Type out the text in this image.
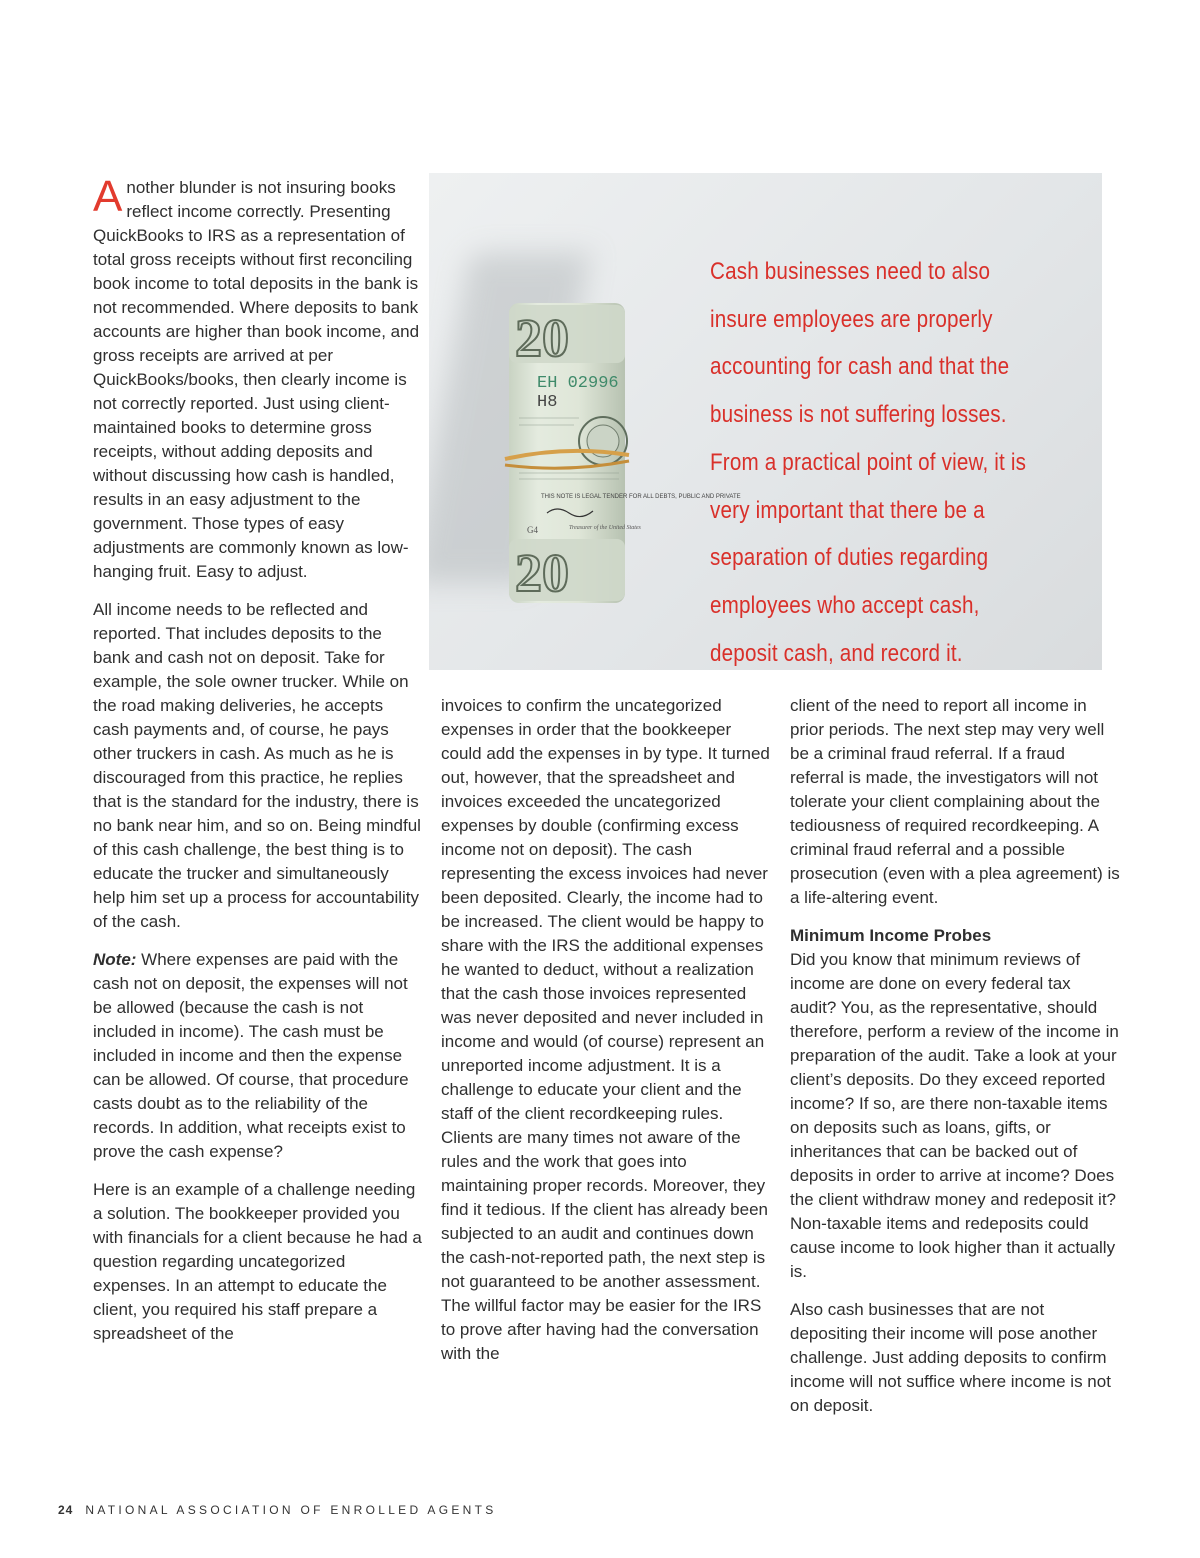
Another blunder is not insuring books reflect income correctly. Presenting QuickBooks to IRS as a representation of total gross receipts without first reconciling book income to total deposits in the bank is not recommended. Where deposits to bank accounts are higher than book income, and gross receipts are arrived at per QuickBooks/books, then clearly income is not correctly reported. Just using client-maintained books to determine gross receipts, without adding deposits and without discussing how cash is handled, results in an easy adjustment to the government. Those types of easy adjustments are commonly known as low-hanging fruit. Easy to adjust.

All income needs to be reflected and reported. That includes deposits to the bank and cash not on deposit. Take for example, the sole owner trucker. While on the road making deliveries, he accepts cash payments and, of course, he pays other truckers in cash. As much as he is discouraged from this practice, he replies that is the standard for the industry, there is no bank near him, and so on. Being mindful of this cash challenge, the best thing is to educate the trucker and simultaneously help him set up a process for accountability of the cash.

Note: Where expenses are paid with the cash not on deposit, the expenses will not be allowed (because the cash is not included in income). The cash must be included in income and then the expense can be allowed. Of course, that procedure casts doubt as to the reliability of the records. In addition, what receipts exist to prove the cash expense?

Here is an example of a challenge needing a solution. The bookkeeper provided you with financials for a client because he had a question regarding uncategorized expenses. In an attempt to educate the client, you required his staff prepare a spreadsheet of the

20
EH 02996
H8
THIS NOTE IS LEGAL TENDER FOR ALL DEBTS, PUBLIC AND PRIVATE
Treasurer of the United States
G4
20
Cash businesses need to also insure employees are properly accounting for cash and that the business is not suffering losses. From a practical point of view, it is very important that there be a separation of duties regarding employees who accept cash, deposit cash, and record it.

invoices to confirm the uncategorized expenses in order that the bookkeeper could add the expenses in by type. It turned out, however, that the spreadsheet and invoices exceeded the uncategorized expenses by double (confirming excess income not on deposit). The cash representing the excess invoices had never been deposited. Clearly, the income had to be increased. The client would be happy to share with the IRS the additional expenses he wanted to deduct, without a realization that the cash those invoices represented was never deposited and never included in income and would (of course) represent an unreported income adjustment. It is a challenge to educate your client and the staff of the client recordkeeping rules. Clients are many times not aware of the rules and the work that goes into maintaining proper records. Moreover, they find it tedious. If the client has already been subjected to an audit and continues down the cash-not-reported path, the next step is not guaranteed to be another assessment. The willful factor may be easier for the IRS to prove after having had the conversation with the

client of the need to report all income in prior periods. The next step may very well be a criminal fraud referral. If a fraud referral is made, the investigators will not tolerate your client complaining about the tediousness of required recordkeeping. A criminal fraud referral and a possible prosecution (even with a plea agreement) is a life-altering event.

Minimum Income Probes
Did you know that minimum reviews of income are done on every federal tax audit? You, as the representative, should therefore, perform a review of the income in preparation of the audit. Take a look at your client’s deposits. Do they exceed reported income? If so, are there non-taxable items on deposits such as loans, gifts, or inheritances that can be backed out of deposits in order to arrive at income? Does the client withdraw money and redeposit it? Non-taxable items and redeposits could cause income to look higher than it actually is.

Also cash businesses that are not depositing their income will pose another challenge. Just adding deposits to confirm income will not suffice where income is not on deposit.

24 NATIONAL ASSOCIATION OF ENROLLED AGENTS
